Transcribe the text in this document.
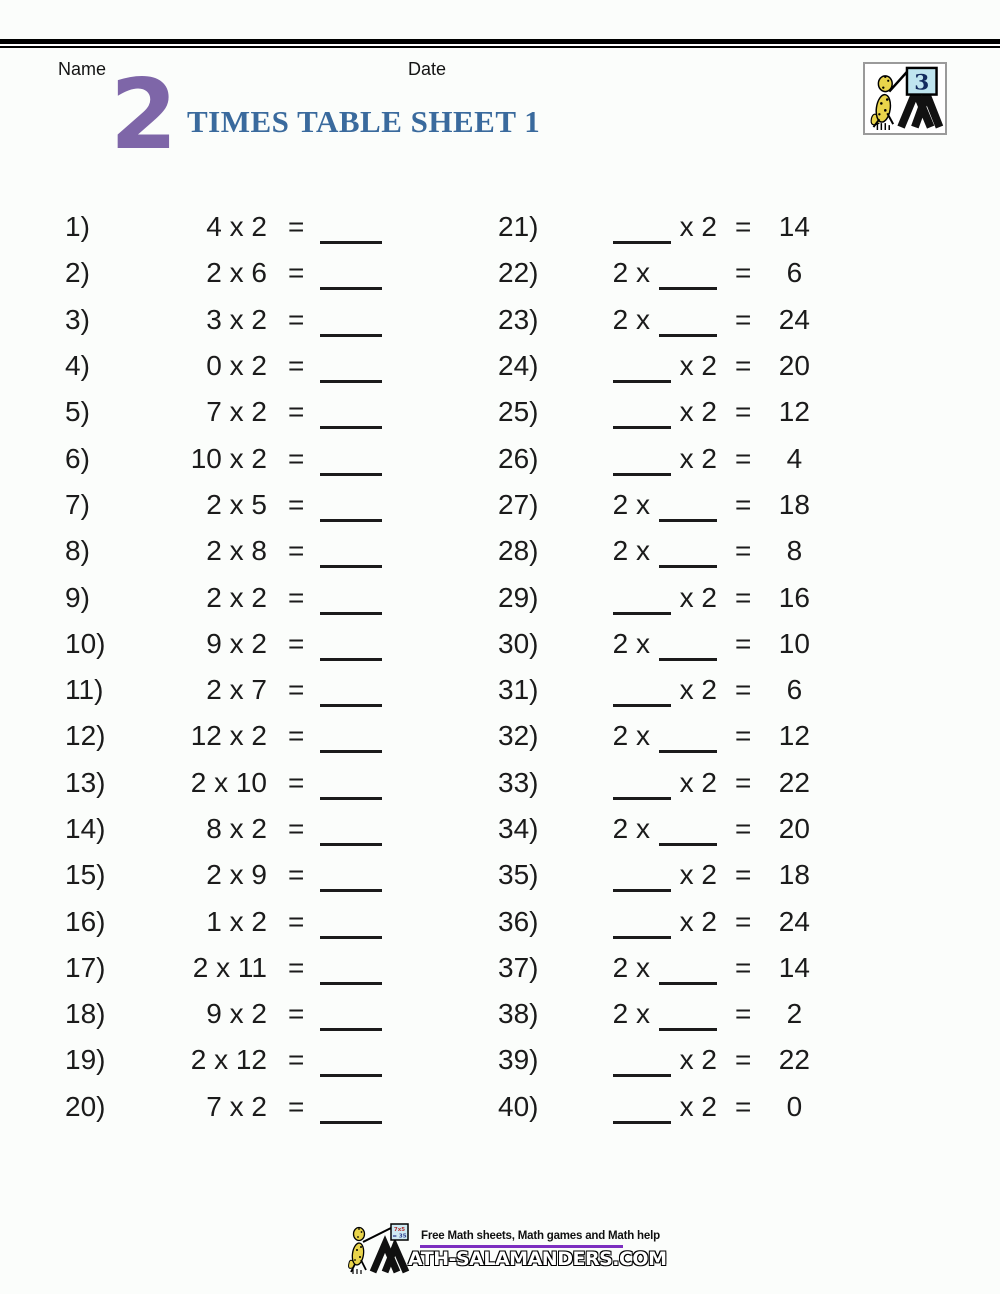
Name	Date
3
2 TIMES TABLE SHEET 1
1)	4 x 2 =
2)	2 x 6 =
3)	3 x 2 =
4)	0 x 2 =
5)	7 x 2 =
6)	10 x 2 =
7)	2 x 5 =
8)	2 x 8 =
9)	2 x 2 =
10)	9 x 2 =
11)	2 x 7 =
12)	12 x 2 =
13)	2 x 10 =
14)	8 x 2 =
15)	2 x 9 =
16)	1 x 2 =
17)	2 x 11 =
18)	9 x 2 =
19)	2 x 12 =
20)	7 x 2 =
21)	x 2 = 14
22)	2 x	=	6
23)	2 x	= 24
24)	x 2 = 20
25)	x 2 = 12
26)	x 2 =	4
27)	2 x	= 18
28)	2 x	=	8
29)	x 2 = 16
30)	2 x	= 10
31)	x 2 =	6
32)	2 x	= 12
33)	x 2 = 22
34)	2 x	= 20
35)	x 2 = 18
36)	x 2 = 24
37)	2 x	= 14
38)	2 x	=	2
39)	x 2 = 22
40)	x 2 =	0
7x5
= 35 Free Math sheets, Math games and Math help
ATH-SALAMANDERS.COM
